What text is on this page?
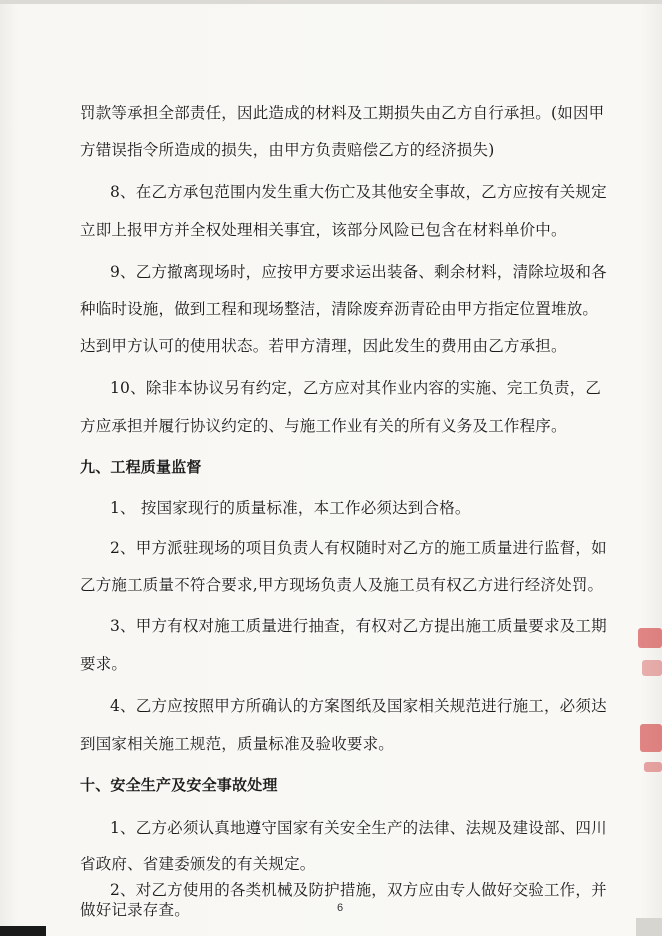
罚款等承担全部责任，因此造成的材料及工期损失由乙方自行承担。(如因甲
方错误指令所造成的损失，由甲方负责赔偿乙方的经济损失)
8、在乙方承包范围内发生重大伤亡及其他安全事故，乙方应按有关规定
立即上报甲方并全权处理相关事宜，该部分风险已包含在材料单价中。
9、乙方撤离现场时，应按甲方要求运出装备、剩余材料，清除垃圾和各
种临时设施，做到工程和现场整洁，清除废弃沥青砼由甲方指定位置堆放。
达到甲方认可的使用状态。若甲方清理，因此发生的费用由乙方承担。
10、除非本协议另有约定，乙方应对其作业内容的实施、完工负责，乙
方应承担并履行协议约定的、与施工作业有关的所有义务及工作程序。
九、工程质量监督
1、 按国家现行的质量标准，本工作必须达到合格。
2、甲方派驻现场的项目负责人有权随时对乙方的施工质量进行监督，如
乙方施工质量不符合要求,甲方现场负责人及施工员有权乙方进行经济处罚。
3、甲方有权对施工质量进行抽查，有权对乙方提出施工质量要求及工期
要求。
4、乙方应按照甲方所确认的方案图纸及国家相关规范进行施工，必须达
到国家相关施工规范，质量标准及验收要求。
十、安全生产及安全事故处理
1、乙方必须认真地遵守国家有关安全生产的法律、法规及建设部、四川
省政府、省建委颁发的有关规定。
2、对乙方使用的各类机械及防护措施，双方应由专人做好交验工作，并
做好记录存查。	6
